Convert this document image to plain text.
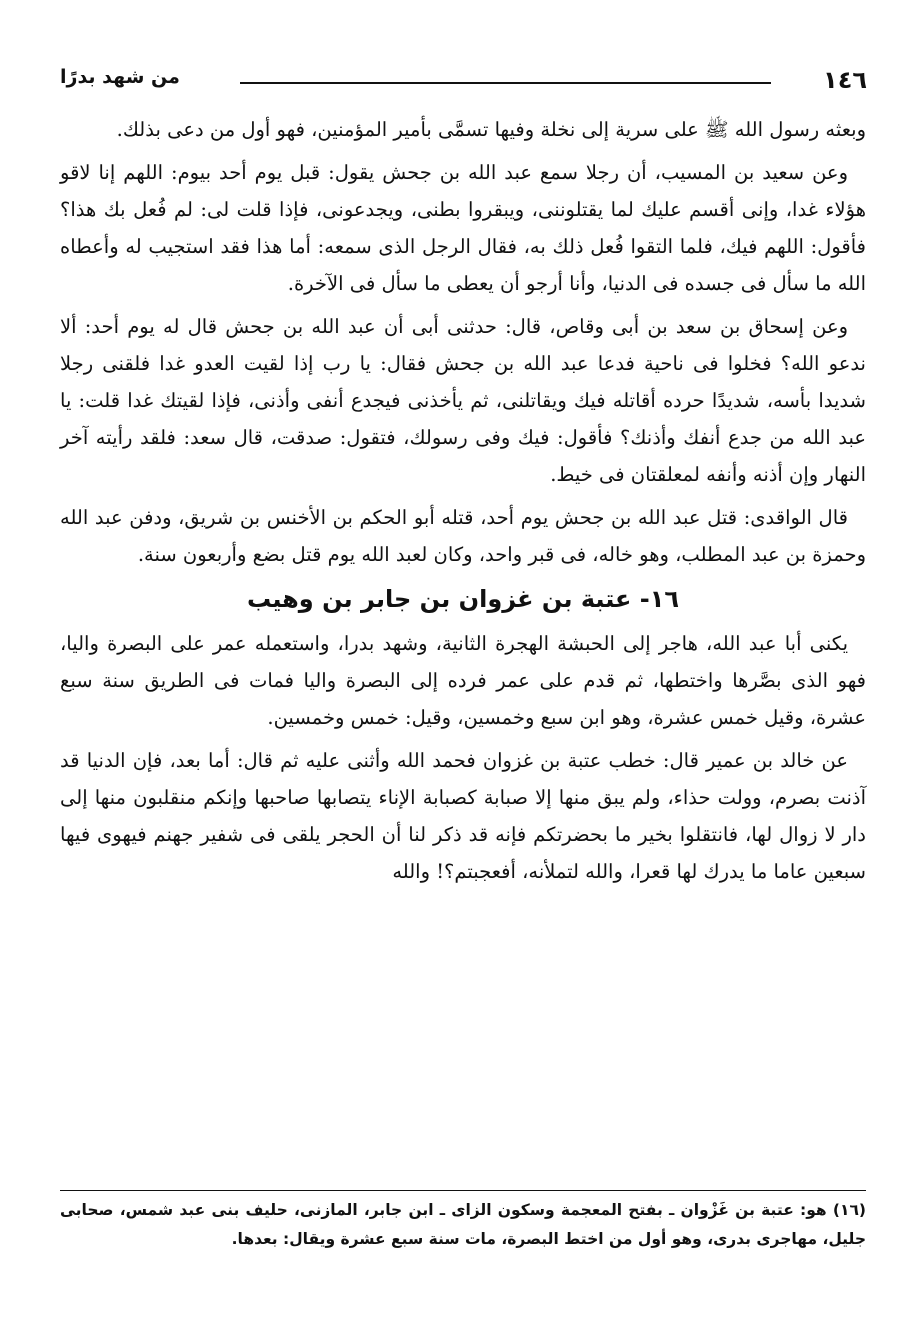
١٤٦
من شهد بدرًا

وبعثه رسول الله ﷺ على سرية إلى نخلة وفيها تسمَّى بأمير المؤمنين، فهو أول من دعى بذلك.

وعن سعيد بن المسيب، أن رجلا سمع عبد الله بن جحش يقول: قبل يوم أحد بيوم: اللهم إنا لاقو هؤلاء غدا، وإنى أقسم عليك لما يقتلوننى، ويبقروا بطنى، ويجدعونى، فإذا قلت لى: لم فُعل بك هذا؟ فأقول: اللهم فيك، فلما التقوا فُعل ذلك به، فقال الرجل الذى سمعه: أما هذا فقد استجيب له وأعطاه الله ما سأل فى جسده فى الدنيا، وأنا أرجو أن يعطى ما سأل فى الآخرة.

وعن إسحاق بن سعد بن أبى وقاص، قال: حدثنى أبى أن عبد الله بن جحش قال له يوم أحد: ألا ندعو الله؟ فخلوا فى ناحية فدعا عبد الله بن جحش فقال: يا رب إذا لقيت العدو غدا فلقنى رجلا شديدا بأسه، شديدًا حرده أقاتله فيك ويقاتلنى، ثم يأخذنى فيجدع أنفى وأذنى، فإذا لقيتك غدا قلت: يا عبد الله من جدع أنفك وأذنك؟ فأقول: فيك وفى رسولك، فتقول: صدقت، قال سعد: فلقد رأيته آخر النهار وإن أذنه وأنفه لمعلقتان فى خيط.

قال الواقدى: قتل عبد الله بن جحش يوم أحد، قتله أبو الحكم بن الأخنس بن شريق، ودفن عبد الله وحمزة بن عبد المطلب، وهو خاله، فى قبر واحد، وكان لعبد الله يوم قتل بضع وأربعون سنة.

١٦- عتبة بن غزوان بن جابر بن وهيب

يكنى أبا عبد الله، هاجر إلى الحبشة الهجرة الثانية، وشهد بدرا، واستعمله عمر على البصرة واليا، فهو الذى بصَّرها واختطها، ثم قدم على عمر فرده إلى البصرة واليا فمات فى الطريق سنة سبع عشرة، وقيل خمس عشرة، وهو ابن سبع وخمسين، وقيل: خمس وخمسين.

عن خالد بن عمير قال: خطب عتبة بن غزوان فحمد الله وأثنى عليه ثم قال: أما بعد، فإن الدنيا قد آذنت بصرم، وولت حذاء، ولم يبق منها إلا صبابة كصبابة الإناء يتصابها صاحبها وإنكم منقلبون منها إلى دار لا زوال لها، فانتقلوا بخير ما بحضرتكم فإنه قد ذكر لنا أن الحجر يلقى فى شفير جهنم فيهوى فيها سبعين عاما ما يدرك لها قعرا، والله لتملأنه، أفعجبتم؟! والله

(١٦) هو: عتبة بن غَزْوان ـ بفتح المعجمة وسكون الزاى ـ ابن جابر، المازنى، حليف بنى عبد شمس، صحابى جليل، مهاجرى بدرى، وهو أول من اختط البصرة، مات سنة سبع عشرة ويقال: بعدها.
